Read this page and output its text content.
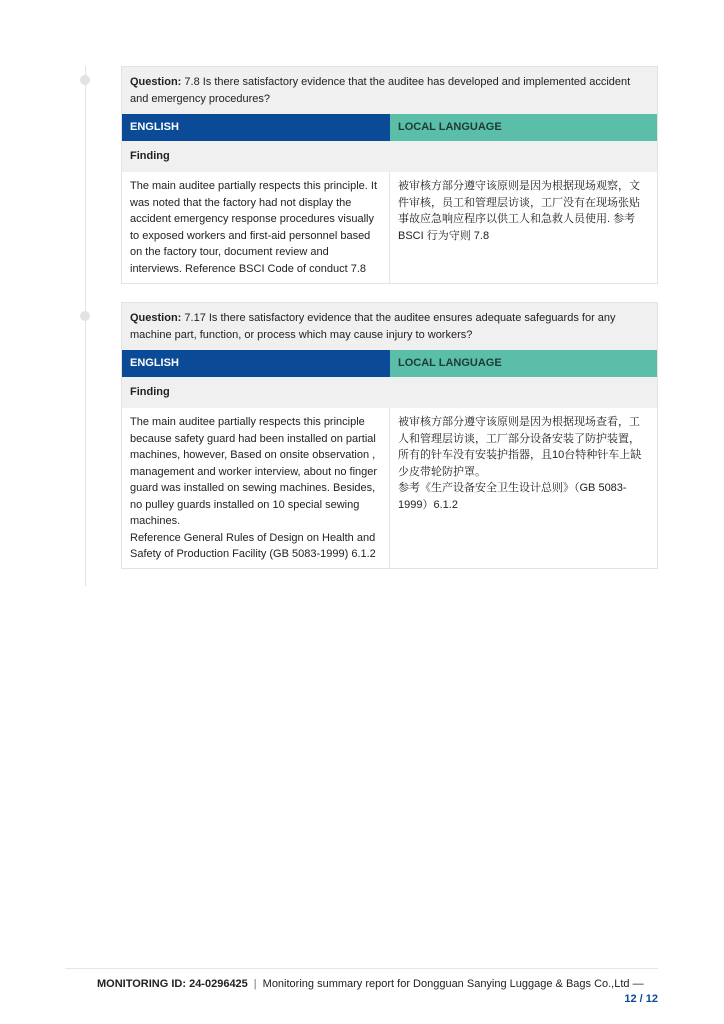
Question: 7.8 Is there satisfactory evidence that the auditee has developed and implemented accident and emergency procedures?
ENGLISH	LOCAL LANGUAGE
Finding
The main auditee partially respects this principle. It was noted that the factory had not display the accident emergency response procedures visually to exposed workers and first-aid personnel based on the factory tour, document review and interviews. Reference BSCI Code of conduct 7.8
被审核方部分遵守该原则是因为根据现场观察，文件审核，员工和管理层访谈，工厂没有在现场张贴事故应急响应程序以供工人和急救人员使用. 参考BSCI 行为守则 7.8
Question: 7.17 Is there satisfactory evidence that the auditee ensures adequate safeguards for any machine part, function, or process which may cause injury to workers?
ENGLISH	LOCAL LANGUAGE
Finding
The main auditee partially respects this principle because safety guard had been installed on partial machines, however, Based on onsite observation , management and worker interview, about no finger guard was installed on sewing machines. Besides, no pulley guards installed on 10 special sewing machines.
Reference General Rules of Design on Health and Safety of Production Facility (GB 5083-1999) 6.1.2
被审核方部分遵守该原则是因为根据现场查看，工人和管理层访谈，工厂部分设备安装了防护装置，所有的针车没有安装护指器，且10台特种针车上缺少皮带轮防护罩。
参考《生产设备安全卫生设计总则》（GB 5083-1999）6.1.2
MONITORING ID: 24-0296425 | Monitoring summary report for Dongguan Sanying Luggage & Bags Co.,Ltd —
12 / 12
